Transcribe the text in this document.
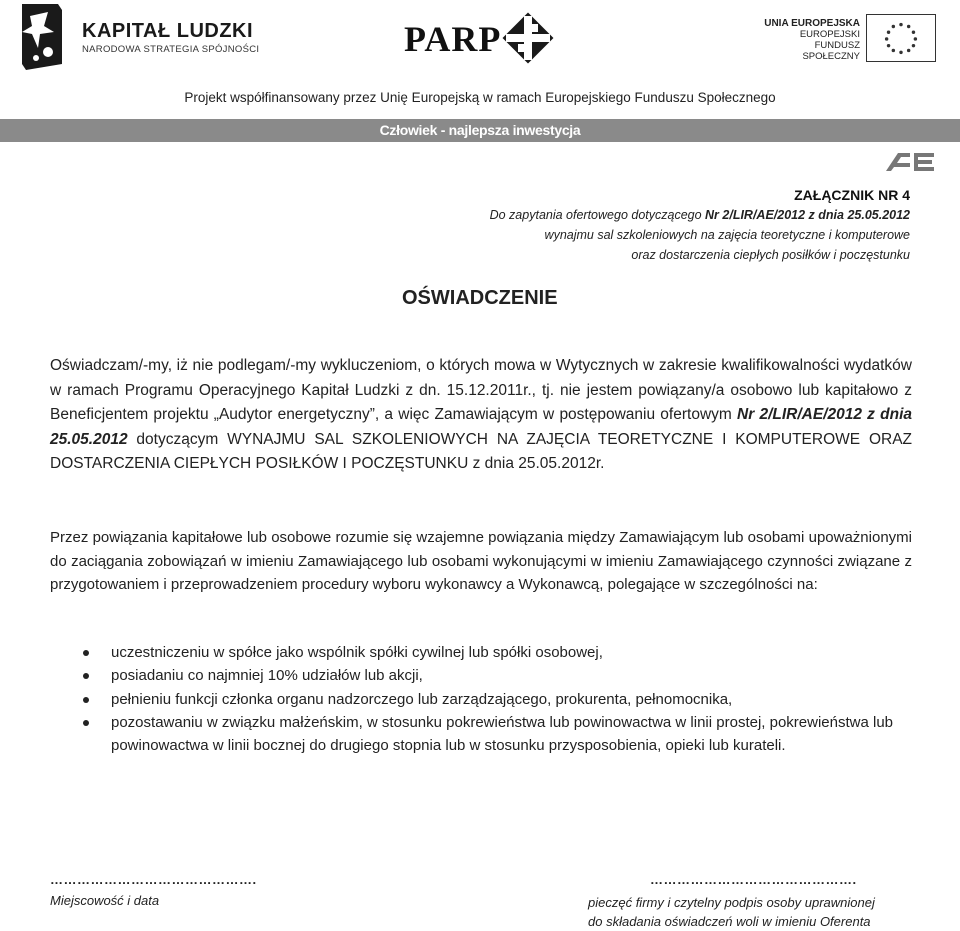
KAPITAŁ LUDZKI
NARODOWA STRATEGIA SPÓJNOŚCI	PARP	UNIA EUROPEJSKA
EUROPEJSKI
FUNDUSZ SPOŁECZNY
Projekt współfinansowany przez Unię Europejską w ramach Europejskiego Funduszu Społecznego
Człowiek - najlepsza inwestycja
ZAŁĄCZNIK NR 4
Do zapytania ofertowego dotyczącego Nr 2/LIR/AE/2012 z dnia 25.05.2012
wynajmu sal szkoleniowych na zajęcia teoretyczne i komputerowe
oraz dostarczenia ciepłych posiłków i poczęstunku
OŚWIADCZENIE
Oświadczam/-my, iż nie podlegam/-my wykluczeniom, o których mowa w Wytycznych w zakresie kwalifikowalności wydatków w ramach Programu Operacyjnego Kapitał Ludzki z dn. 15.12.2011r., tj. nie jestem powiązany/a osobowo lub kapitałowo z Beneficjentem projektu „Audytor energetyczny”, a więc Zamawiającym w postępowaniu ofertowym Nr 2/LIR/AE/2012 z dnia 25.05.2012 dotyczącym WYNAJMU SAL SZKOLENIOWYCH NA ZAJĘCIA TEORETYCZNE I KOMPUTEROWE ORAZ DOSTARCZENIA CIEPŁYCH POSIŁKÓW I POCZĘSTUNKU z dnia 25.05.2012r.
Przez powiązania kapitałowe lub osobowe rozumie się wzajemne powiązania między Zamawiającym lub osobami upoważnionymi do zaciągania zobowiązań w imieniu Zamawiającego lub osobami wykonującymi w imieniu Zamawiającego czynności związane z przygotowaniem i przeprowadzeniem procedury wyboru wykonawcy a Wykonawcą, polegające w szczególności na:
uczestniczeniu w spółce jako wspólnik spółki cywilnej lub spółki osobowej,
posiadaniu co najmniej 10% udziałów lub akcji,
pełnieniu funkcji członka organu nadzorczego lub zarządzającego, prokurenta, pełnomocnika,
pozostawaniu w związku małżeńskim, w stosunku pokrewieństwa lub powinowactwa w linii prostej, pokrewieństwa lub powinowactwa w linii bocznej do drugiego stopnia lub w stosunku przysposobienia, opieki lub kurateli.
……………………………………….
Miejscowość i data
……………………………………….
pieczęć firmy i czytelny podpis osoby uprawnionej
do składania oświadczeń woli w imieniu Oferenta
